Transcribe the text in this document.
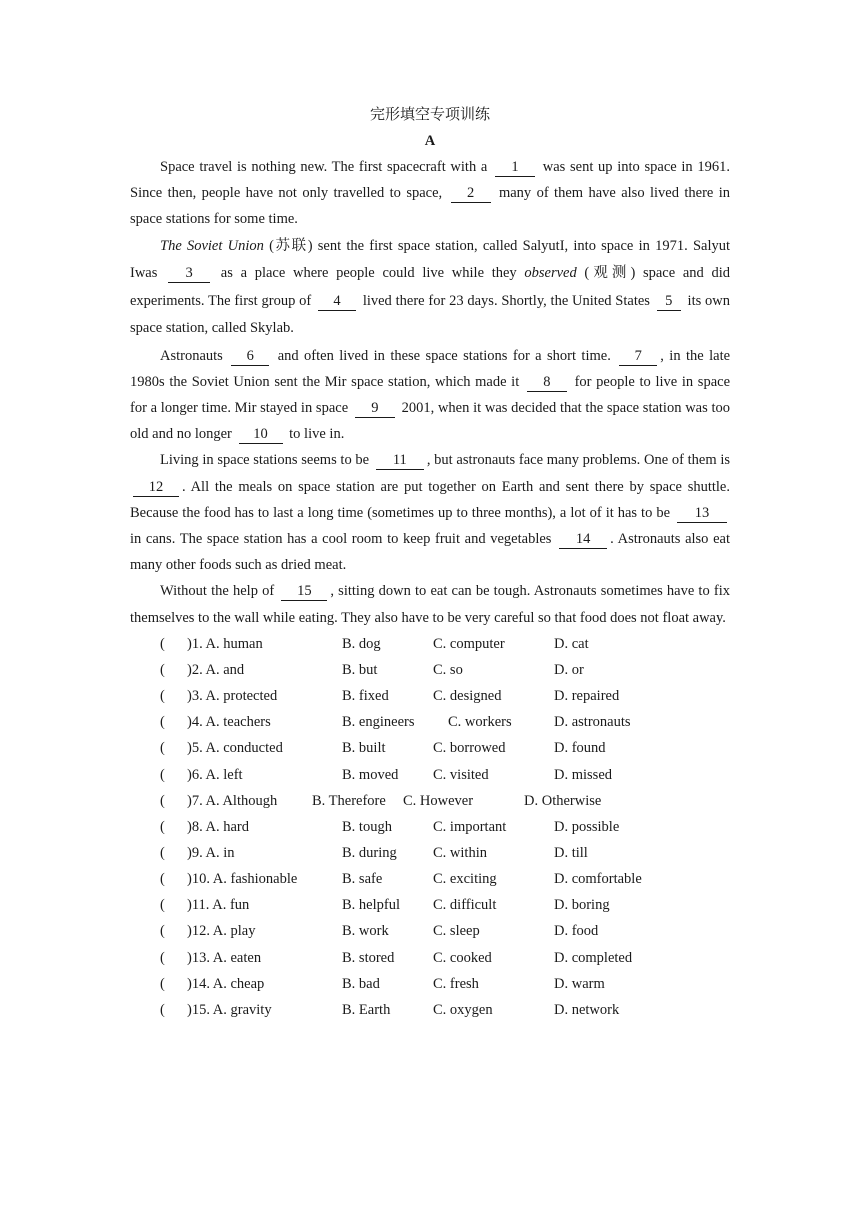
完形填空专项训练
A

Space travel is nothing new. The first spacecraft with a 1 was sent up into space in 1961. Since then, people have not only travelled to space, 2 many of them have also lived there in space stations for some time.

The Soviet Union (苏联) sent the first space station, called SalyutI, into space in 1971. Salyut Iwas 3 as a place where people could live while they observed (观测) space and did experiments. The first group of 4 lived there for 23 days. Shortly, the United States 5 its own space station, called Skylab.

Astronauts 6 and often lived in these space stations for a short time. 7 , in the late 1980s the Soviet Union sent the Mir space station, which made it 8 for people to live in space for a longer time. Mir stayed in space 9 2001, when it was decided that the space station was too old and no longer 10 to live in.

Living in space stations seems to be 11 , but astronauts face many problems. One of them is 12 . All the meals on space station are put together on Earth and sent there by space shuttle. Because the food has to last a long time (sometimes up to three months), a lot of it has to be 13 in cans. The space station has a cool room to keep fruit and vegetables 14 . Astronauts also eat many other foods such as dried meat.

Without the help of 15 , sitting down to eat can be tough. Astronauts sometimes have to fix themselves to the wall while eating. They also have to be very careful so that food does not float away.

( )1. A. human	B. dog	C. computer	D. cat
( )2. A. and	B. but	C. so	D. or
( )3. A. protected	B. fixed	C. designed	D. repaired
( )4. A. teachers	B. engineers C. workers	D. astronauts
( )5. A. conducted	B. built	C. borrowed	D. found
( )6. A. left	B. moved C. visited	D. missed
( )7. A. Although B. Therefore C. However	D. Otherwise
( )8. A. hard	B. tough	C. important	D. possible
( )9. A. in	B. during C. within	D. till
( )10. A. fashionable	B. safe	C. exciting	D. comfortable
( )11. A. fun	B. helpful C. difficult	D. boring
( )12. A. play	B. work	C. sleep	D. food
( )13. A. eaten	B. stored	C. cooked	D. completed
( )14. A. cheap	B. bad	C. fresh	D. warm
( )15. A. gravity	B. Earth	C. oxygen	D. network
